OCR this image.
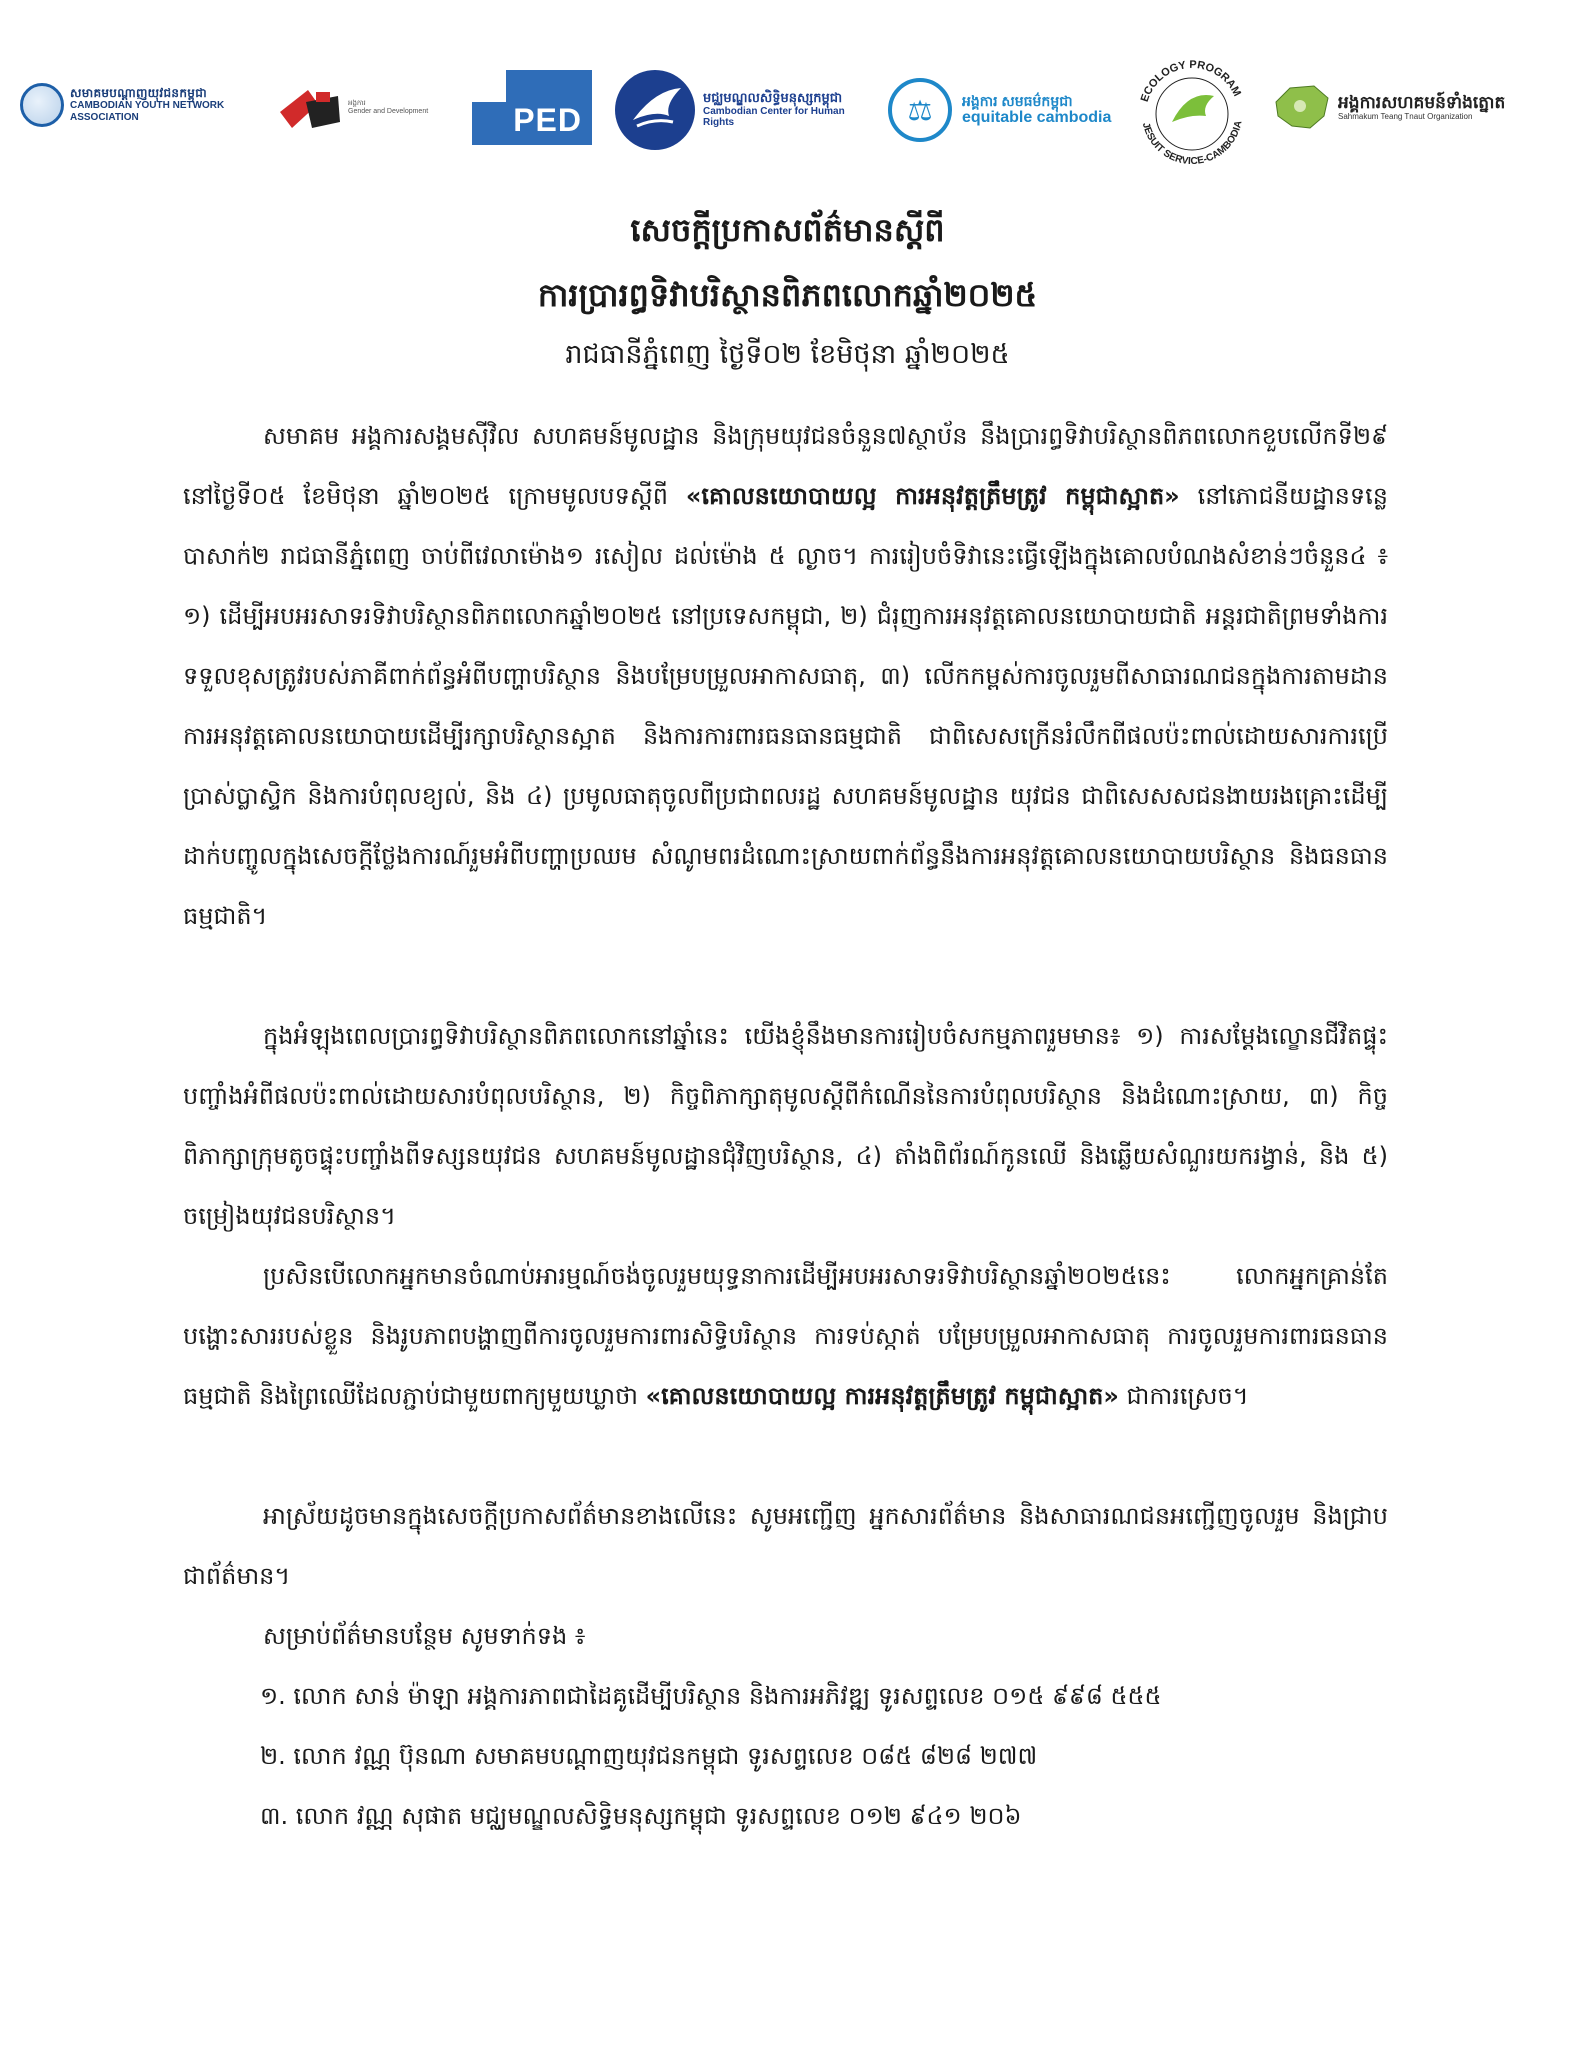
សមាគមបណ្តាញយុវជនកម្ពុជា
CAMBODIAN YOUTH NETWORK ASSOCIATION
អង្គការ
Gender and Development	PED
មជ្ឈមណ្ឌលសិទ្ធិមនុស្សកម្ពុជា
Cambodian Center for Human Rights	⚖	អង្គការ សមធម៌កម្ពុជា
equitable cambodia
ECOLOGY PROGRAM
JESUIT SERVICE-CAMBODIA
អង្គការសហគមន៍ទាំងត្នោត
Sahmakum Teang Tnaut Organization
សេចក្តីប្រកាសព័ត៌មានស្តីពី
ការប្រារព្ធទិវាបរិស្ថានពិភពលោកឆ្នាំ២០២៥
រាជធានីភ្នំពេញ ថ្ងៃទី០២ ខែមិថុនា ឆ្នាំ២០២៥

សមាគម អង្គការសង្គមស៊ីវិល សហគមន៍មូលដ្ឋាន និងក្រុមយុវជនចំនួន៧ស្ថាប័ន នឹងប្រារព្ធទិវាបរិស្ថានពិភពលោកខួបលើកទី២៩ នៅថ្ងៃទី០៥ ខែមិថុនា ឆ្នាំ២០២៥ ក្រោមមូលបទស្តីពី «គោលនយោបាយល្អ ការអនុវត្តត្រឹមត្រូវ កម្ពុជាស្អាត» នៅភោជនីយដ្ឋានទន្លេបាសាក់២ រាជធានីភ្នំពេញ ចាប់ពីវេលាម៉ោង១ រសៀល ដល់ម៉ោង ៥ ល្ងាច។ ការរៀបចំទិវានេះធ្វើឡើងក្នុងគោលបំណងសំខាន់ៗចំនួន៤ ៖ ១) ដើម្បីអបអរសាទរទិវាបរិស្ថានពិភពលោកឆ្នាំ២០២៥ នៅប្រទេសកម្ពុជា, ២) ជំរុញការអនុវត្តគោលនយោបាយជាតិ អន្តរជាតិព្រមទាំងការទទួលខុសត្រូវរបស់ភាគីពាក់ព័ន្ធអំពីបញ្ហាបរិស្ថាន និងបម្រែបម្រួលអាកាសធាតុ, ៣) លើកកម្ពស់ការចូលរួមពីសាធារណជនក្នុងការតាមដានការអនុវត្តគោលនយោបាយដើម្បីរក្សាបរិស្ថានស្អាត និងការការពារធនធានធម្មជាតិ ជាពិសេសក្រើនរំលឹកពីផលប៉ះពាល់ដោយសារការប្រើប្រាស់ប្លាស្ទិក និងការបំពុលខ្យល់, និង ៤) ប្រមូលធាតុចូលពីប្រជាពលរដ្ឋ សហគមន៍មូលដ្ឋាន យុវជន ជាពិសេសសជនងាយរងគ្រោះដើម្បីដាក់បញ្ចូលក្នុងសេចក្តីថ្លែងការណ៍រួមអំពីបញ្ហាប្រឈម សំណូមពរដំណោះស្រាយពាក់ព័ន្ធនឹងការអនុវត្តគោលនយោបាយបរិស្ថាន និងធនធានធម្មជាតិ។

ក្នុងអំឡុងពេលប្រារព្ធទិវាបរិស្ថានពិភពលោកនៅឆ្នាំនេះ យើងខ្ញុំនឹងមានការរៀបចំសកម្មភាពរួមមាន៖ ១) ការសម្តែងល្ខោនជីវិតផ្ទុះបញ្ចាំងអំពីផលប៉ះពាល់ដោយសារបំពុលបរិស្ថាន, ២) កិច្ចពិភាក្សាតុមូលស្តីពីកំណើននៃការបំពុលបរិស្ថាន និងដំណោះស្រាយ, ៣) កិច្ចពិភាក្សាក្រុមតូចផ្ទុះបញ្ចាំងពីទស្សនយុវជន សហគមន៍មូលដ្ឋានជុំវិញបរិស្ថាន, ៤) តាំងពិព័រណ៍កូនឈើ និងឆ្លើយសំណួរយករង្វាន់, និង ៥) ចម្រៀងយុវជនបរិស្ថាន។

ប្រសិនបើលោកអ្នកមានចំណាប់អារម្មណ៍ចង់ចូលរួមយុទ្ធនាការដើម្បីអបអរសាទរទិវាបរិស្ថានឆ្នាំ២០២៥នេះ លោកអ្នកគ្រាន់តែបង្ហោះសាររបស់ខ្លួន និងរូបភាពបង្ហាញពីការចូលរួមការពារសិទ្ធិបរិស្ថាន ការទប់ស្កាត់ បម្រែបម្រួលអាកាសធាតុ ការចូលរួមការពារធនធានធម្មជាតិ និងព្រៃឈើដែលភ្ជាប់ជាមួយពាក្យមួយឃ្លាថា «គោលនយោបាយល្អ ការអនុវត្តត្រឹមត្រូវ កម្ពុជាស្អាត» ជាការស្រេច។

អាស្រ័យដូចមានក្នុងសេចក្តីប្រកាសព័ត៌មានខាងលើនេះ សូមអញ្ជើញ អ្នកសារព័ត៌មាន និងសាធារណជនអញ្ជើញចូលរួម និងជ្រាបជាព័ត៌មាន។

សម្រាប់ព័ត៌មានបន្ថែម សូមទាក់ទង ៖
១. លោក សាន់ ម៉ាឡា អង្គការភាពជាដៃគូដើម្បីបរិស្ថាន និងការអភិវឌ្ឍ ទូរសព្ទលេខ ០១៥ ៩៩៨ ៥៥៥
២. លោក វណ្ណ ប៊ុនណា សមាគមបណ្តាញយុវជនកម្ពុជា ទូរសព្ទលេខ ០៨៥ ៨២៨ ២៧៧
៣. លោក វណ្ណ សុផាត មជ្ឈមណ្ឌលសិទ្ធិមនុស្សកម្ពុជា ទូរសព្ទលេខ ០១២ ៩៤១ ២០៦
